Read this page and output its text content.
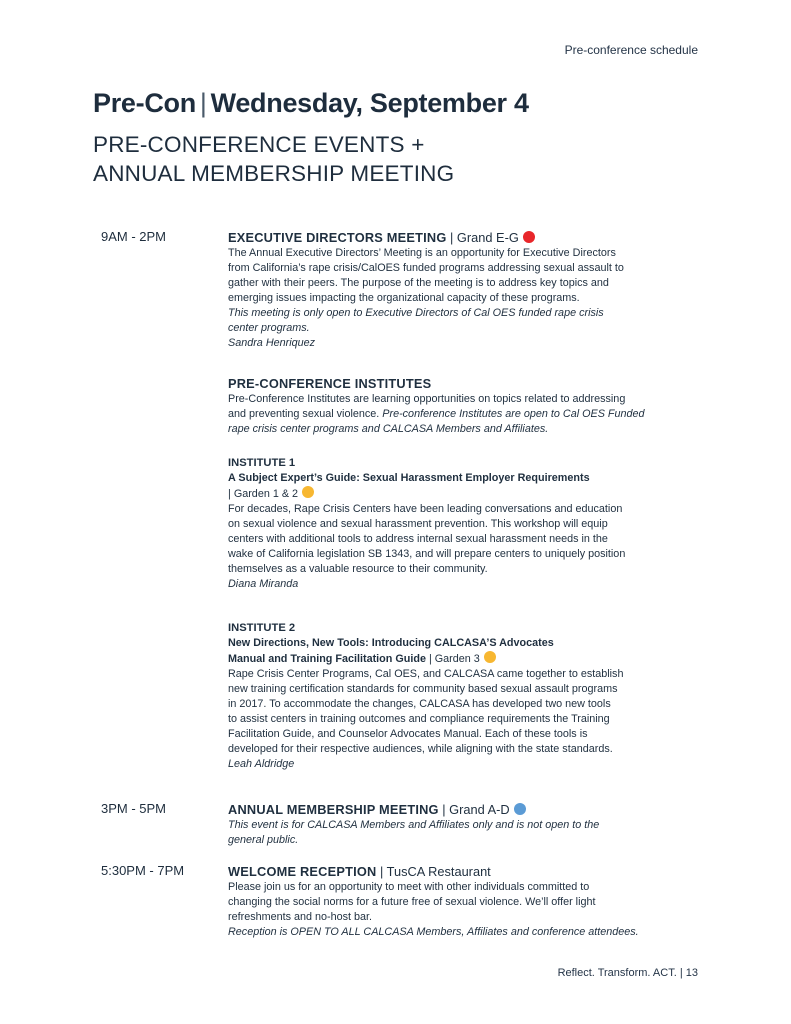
Pre-conference schedule
Pre-Con | Wednesday, September 4
PRE-CONFERENCE EVENTS +
ANNUAL MEMBERSHIP MEETING
9AM - 2PM	EXECUTIVE DIRECTORS MEETING | Grand E-G
The Annual Executive Directors’ Meeting is an opportunity for Executive Directors
from California’s rape crisis/CalOES funded programs addressing sexual assault to
gather with their peers. The purpose of the meeting is to address key topics and
emerging issues impacting the organizational capacity of these programs.
This meeting is only open to Executive Directors of Cal OES funded rape crisis
center programs.
Sandra Henriquez
PRE-CONFERENCE INSTITUTES
Pre-Conference Institutes are learning opportunities on topics related to addressing
and preventing sexual violence. Pre-conference Institutes are open to Cal OES Funded
rape crisis center programs and CALCASA Members and Affiliates.
INSTITUTE 1
A Subject Expert’s Guide: Sexual Harassment Employer Requirements
| Garden 1 & 2
For decades, Rape Crisis Centers have been leading conversations and education
on sexual violence and sexual harassment prevention. This workshop will equip
centers with additional tools to address internal sexual harassment needs in the
wake of California legislation SB 1343, and will prepare centers to uniquely position
themselves as a valuable resource to their community.
Diana Miranda
INSTITUTE 2
New Directions, New Tools: Introducing CALCASA’S Advocates
Manual and Training Facilitation Guide | Garden 3
Rape Crisis Center Programs, Cal OES, and CALCASA came together to establish
new training certification standards for community based sexual assault programs
in 2017. To accommodate the changes, CALCASA has developed two new tools
to assist centers in training outcomes and compliance requirements the Training
Facilitation Guide, and Counselor Advocates Manual. Each of these tools is
developed for their respective audiences, while aligning with the state standards.
Leah Aldridge
3PM - 5PM	ANNUAL MEMBERSHIP MEETING | Grand A-D
This event is for CALCASA Members and Affiliates only and is not open to the
general public.
5:30PM - 7PM	WELCOME RECEPTION | TusCA Restaurant
Please join us for an opportunity to meet with other individuals committed to
changing the social norms for a future free of sexual violence. We’ll offer light
refreshments and no-host bar.
Reception is OPEN TO ALL CALCASA Members, Affiliates and conference attendees.
Reflect. Transform. ACT. | 13
